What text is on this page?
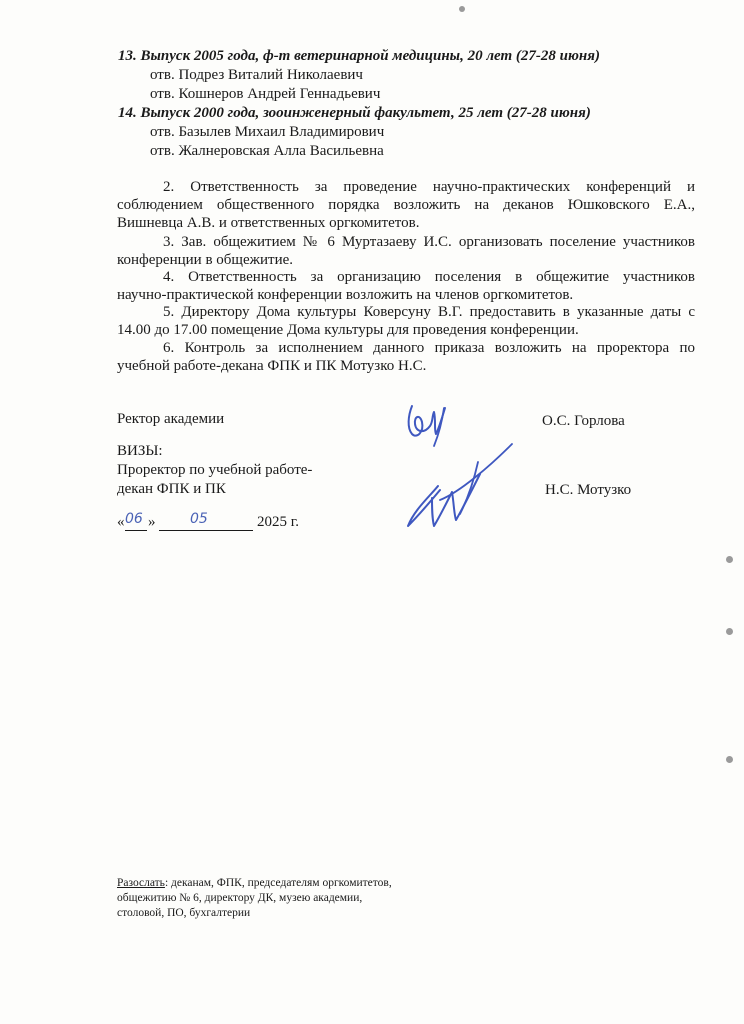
13. Выпуск 2005 года, ф-т ветеринарной медицины, 20 лет (27-28 июня)
отв. Подрез Виталий Николаевич
отв. Кошнеров Андрей Геннадьевич
14. Выпуск 2000 года, зооинженерный факультет, 25 лет (27-28 июня)
отв. Базылев Михаил Владимирович
отв. Жалнеровская Алла Васильевна
2. Ответственность за проведение научно-практических конференций и
соблюдением общественного порядка возложить на деканов Юшковского Е.А.,
Вишневца А.В. и ответственных оргкомитетов.
3. Зав. общежитием № 6 Муртазаеву И.С. организовать поселение участников
конференции в общежитие.
4. Ответственность за организацию поселения в общежитие участников
научно-практической конференции возложить на членов оргкомитетов.
5. Директору Дома культуры Коверсуну В.Г. предоставить в указанные даты с
14.00 до 17.00 помещение Дома культуры для проведения конференции.
6. Контроль за исполнением данного приказа возложить на проректора по
учебной работе-декана ФПК и ПК Мотузко Н.С.
Ректор академии	О.С. Горлова
ВИЗЫ:
Проректор по учебной работе-
декан ФПК и ПК	Н.С. Мотузко
« 06 » 05	2025 г.
Разослать: деканам, ФПК, председателям оргкомитетов,
общежитию № 6, директору ДК, музею академии,
столовой, ПО, бухгалтерии
